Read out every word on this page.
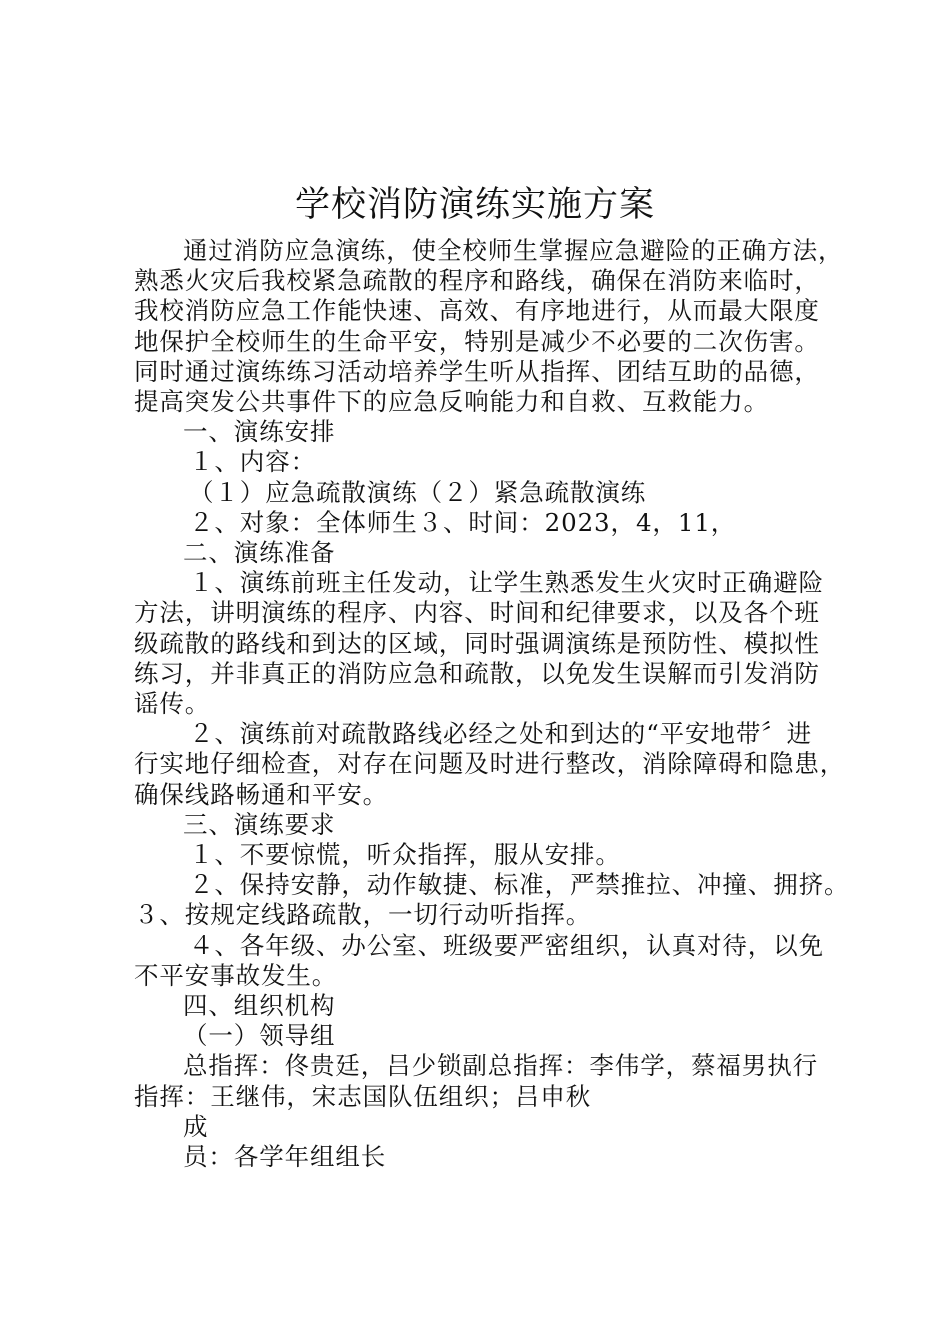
学校消防演练实施方案

通过消防应急演练，使全校师生掌握应急避险的正确方法，

熟悉火灾后我校紧急疏散的程序和路线，确保在消防来临时，

我校消防应急工作能快速、高效、有序地进行，从而最大限度

地保护全校师生的生命平安，特别是减少不必要的二次伤害。

同时通过演练练习活动培养学生听从指挥、团结互助的品德，

提高突发公共事件下的应急反响能力和自救、互救能力。

一、演练安排

１、内容：

（１）应急疏散演练（２）紧急疏散演练

２、对象：全体师生３、时间：2023，4，11，

二、演练准备

１、演练前班主任发动，让学生熟悉发生火灾时正确避险

方法，讲明演练的程序、内容、时间和纪律要求，以及各个班

级疏散的路线和到达的区域，同时强调演练是预防性、模拟性

练习，并非真正的消防应急和疏散，以免发生误解而引发消防

谣传。

２、演练前对疏散路线必经之处和到达的“平安地带〞进

行实地仔细检查，对存在问题及时进行整改，消除障碍和隐患，

确保线路畅通和平安。

三、演练要求

１、不要惊慌，听众指挥，服从安排。

２、保持安静，动作敏捷、标准，严禁推拉、冲撞、拥挤。

３、按规定线路疏散，一切行动听指挥。

４、各年级、办公室、班级要严密组织，认真对待，以免

不平安事故发生。

四、组织机构

（一）领导组

总指挥：佟贵廷，吕少锁副总指挥：李伟学，蔡福男执行

指挥：王继伟，宋志国队伍组织；吕申秋

成

员：各学年组组长
